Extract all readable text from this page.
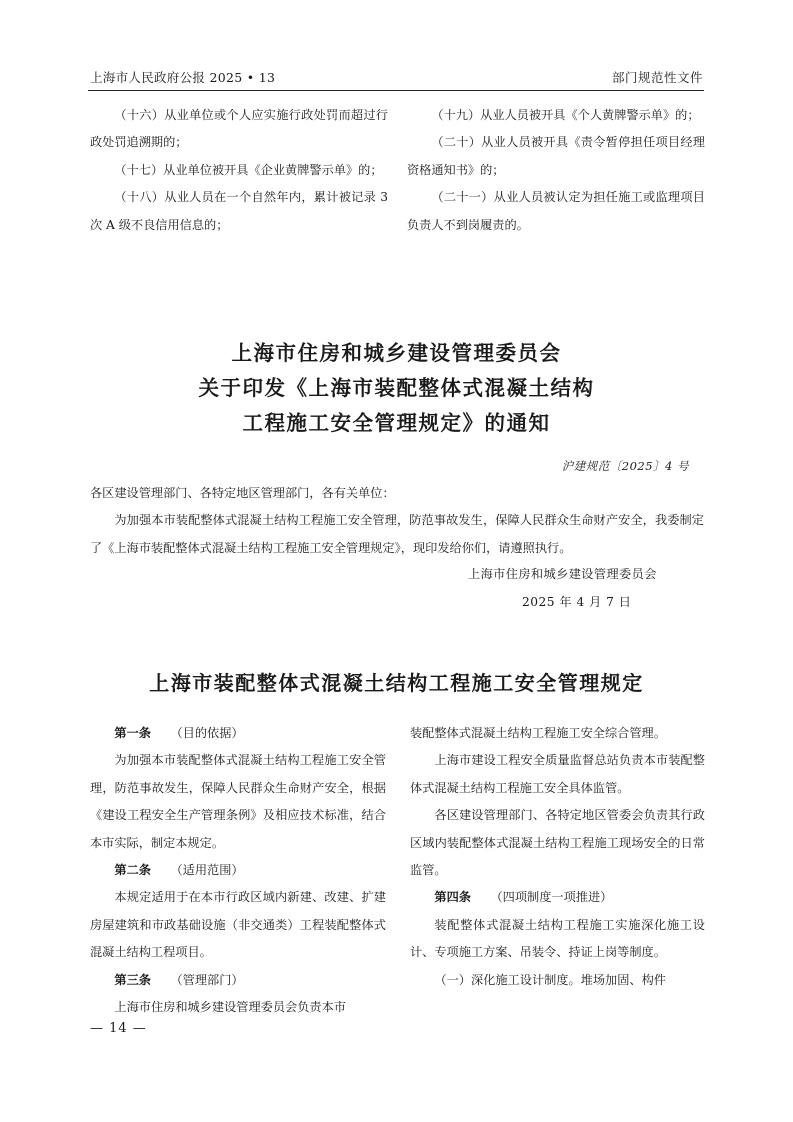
上海市人民政府公报 2025 • 13	部门规范性文件

（十六）从业单位或个人应实施行政处罚而超过行政处罚追溯期的；

（十七）从业单位被开具《企业黄牌警示单》的；

（十八）从业人员在一个自然年内，累计被记录 3 次 A 级不良信用信息的；

（十九）从业人员被开具《个人黄牌警示单》的；

（二十）从业人员被开具《责令暂停担任项目经理资格通知书》的；

（二十一）从业人员被认定为担任施工或监理项目负责人不到岗履责的。

上海市住房和城乡建设管理委员会
关于印发《上海市装配整体式混凝土结构
工程施工安全管理规定》的通知
沪建规范〔2025〕4 号

各区建设管理部门、各特定地区管理部门，各有关单位：

为加强本市装配整体式混凝土结构工程施工安全管理，防范事故发生，保障人民群众生命财产安全，我委制定了《上海市装配整体式混凝土结构工程施工安全管理规定》，现印发给你们，请遵照执行。

上海市住房和城乡建设管理委员会
2025 年 4 月 7 日
上海市装配整体式混凝土结构工程施工安全管理规定

第一条 （目的依据）

为加强本市装配整体式混凝土结构工程施工安全管理，防范事故发生，保障人民群众生命财产安全，根据《建设工程安全生产管理条例》及相应技术标准，结合本市实际，制定本规定。

第二条 （适用范围）

本规定适用于在本市行政区域内新建、改建、扩建房屋建筑和市政基础设施（非交通类）工程装配整体式混凝土结构工程项目。

第三条 （管理部门）

上海市住房和城乡建设管理委员会负责本市

装配整体式混凝土结构工程施工安全综合管理。

上海市建设工程安全质量监督总站负责本市装配整体式混凝土结构工程施工安全具体监管。

各区建设管理部门、各特定地区管委会负责其行政区域内装配整体式混凝土结构工程施工现场安全的日常监管。

第四条 （四项制度一项推进）

装配整体式混凝土结构工程施工实施深化施工设计、专项施工方案、吊装令、持证上岗等制度。

（一）深化施工设计制度。堆场加固、构件

— 14 —
